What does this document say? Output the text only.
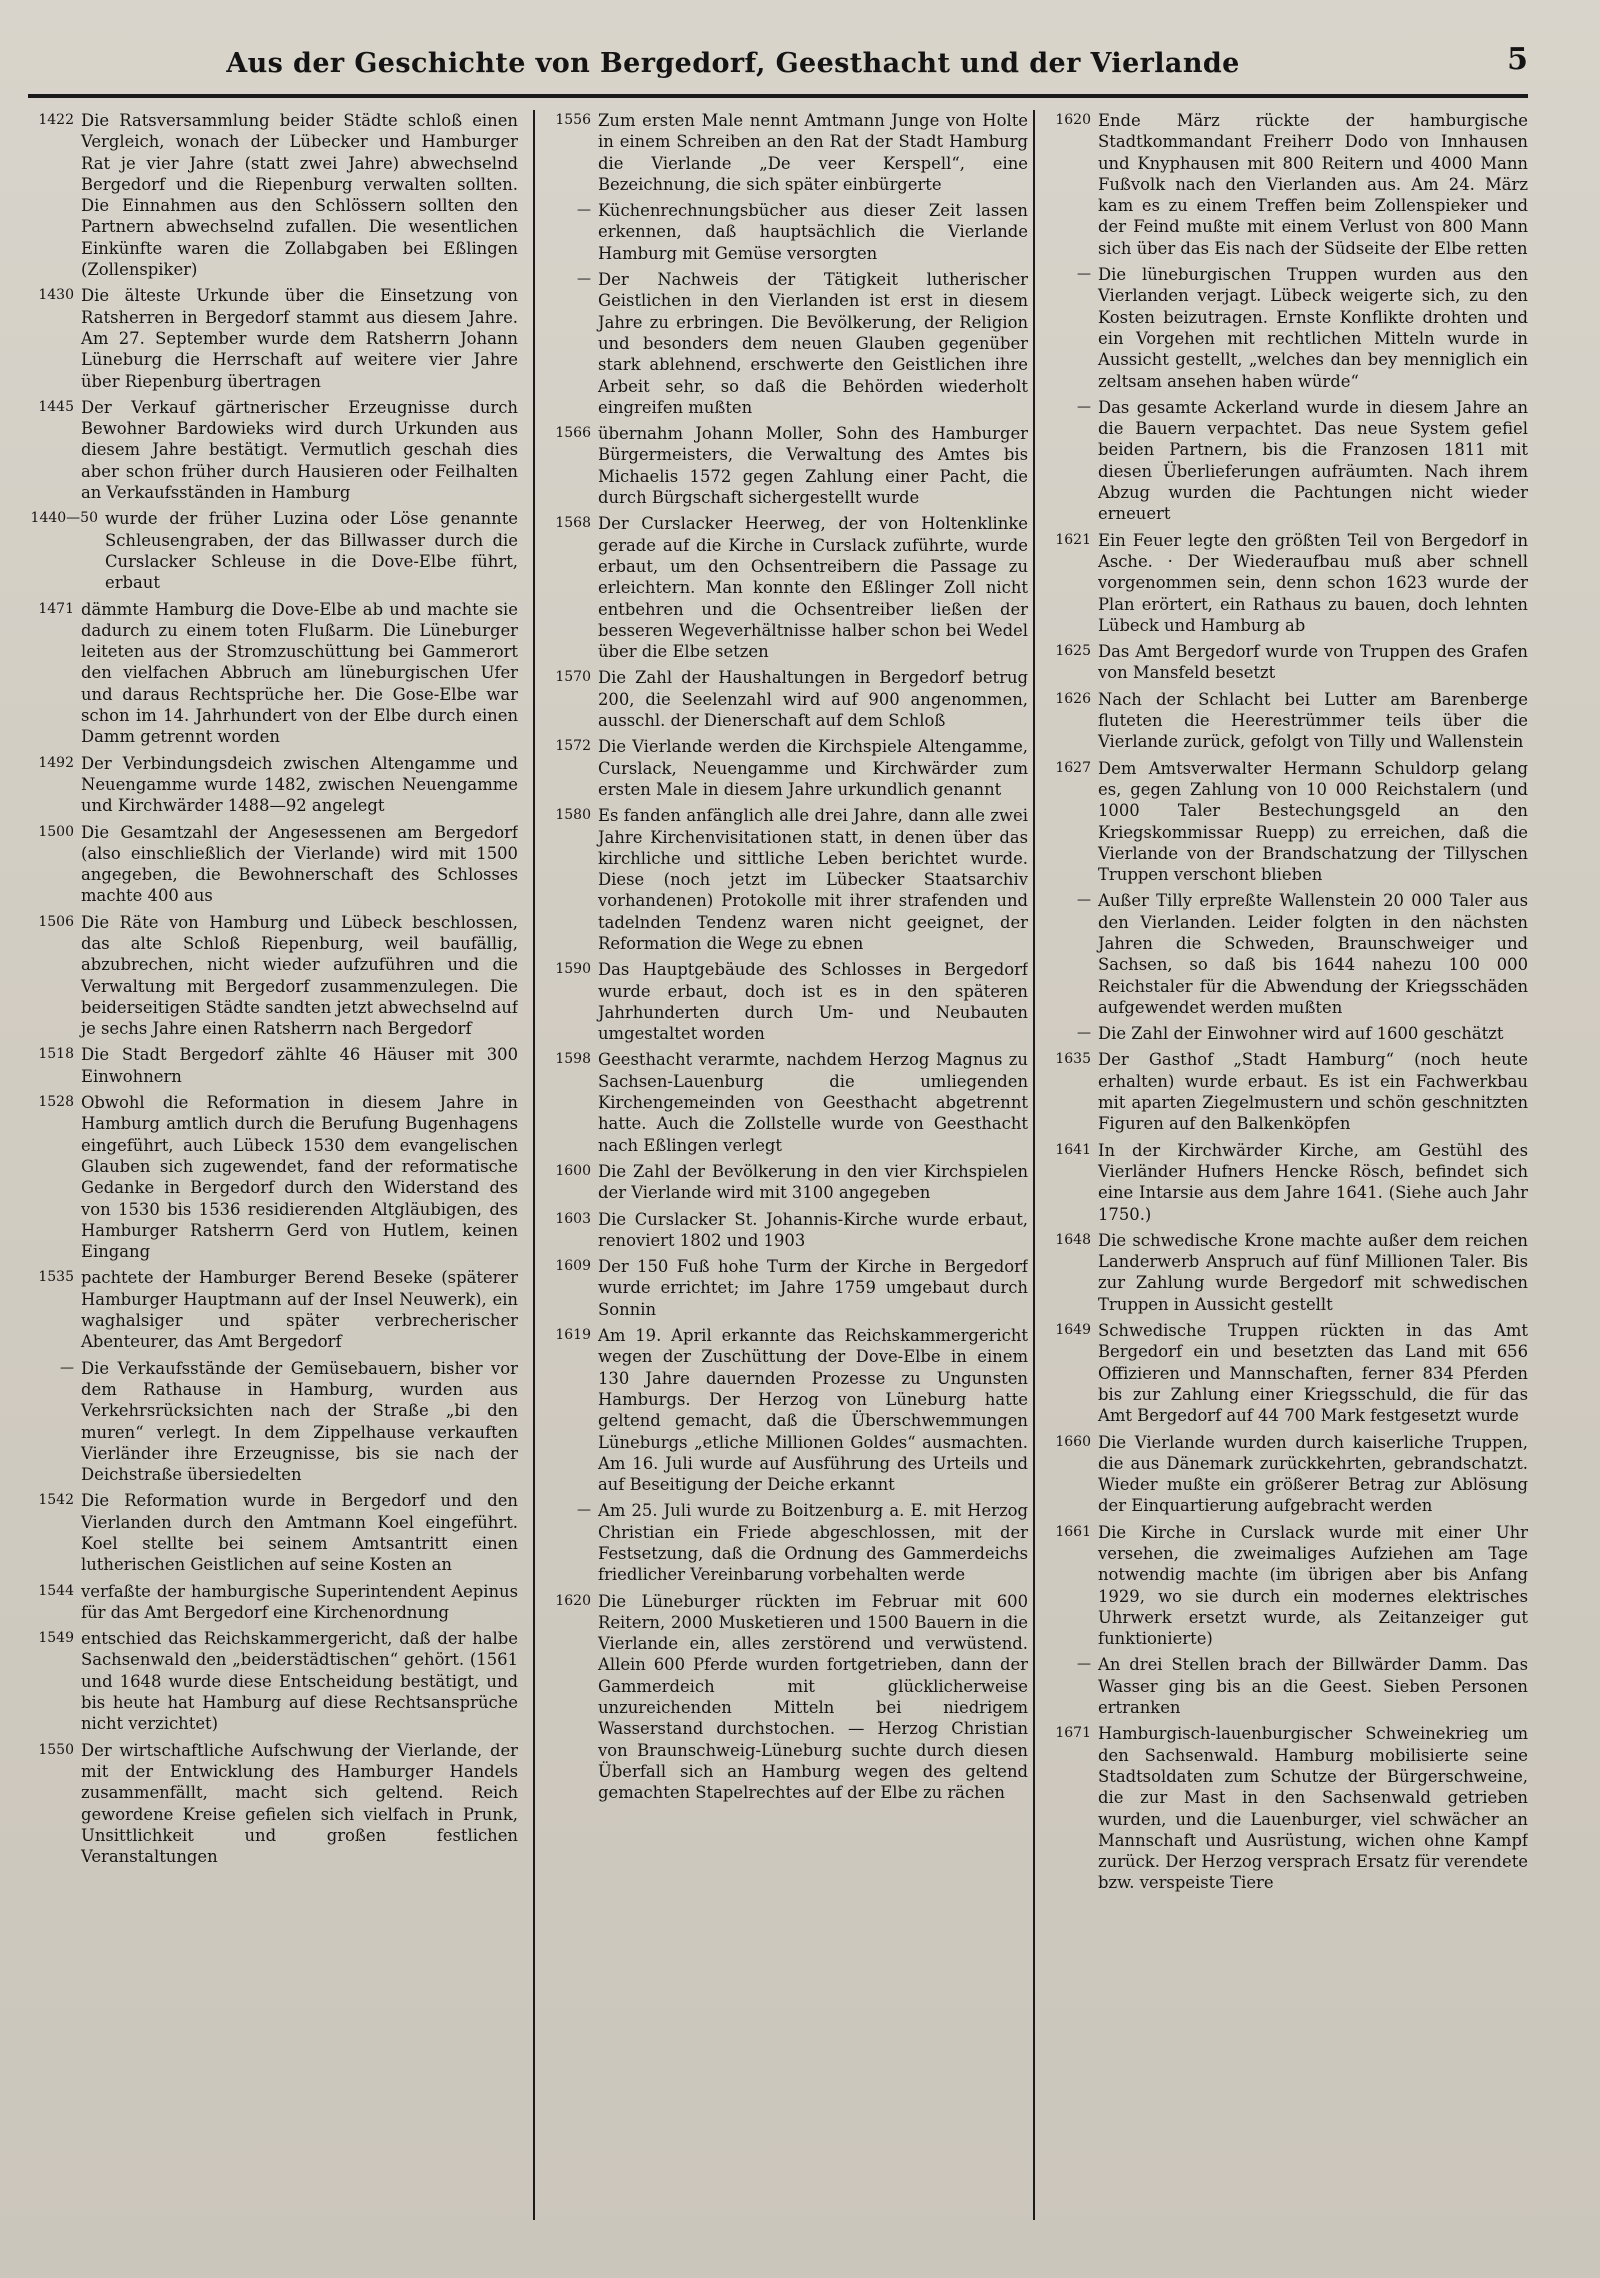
Aus der Geschichte von Bergedorf, Geesthacht und der Vierlande	5
1422 Die Ratsversammlung beider Städte schloß einen Vergleich, wonach der Lübecker und Hamburger Rat je vier Jahre (statt zwei Jahre) abwechselnd Bergedorf und die Riepenburg verwalten sollten. Die Einnahmen aus den Schlössern sollten den Partnern abwechselnd zufallen. Die wesentlichen Einkünfte waren die Zollabgaben bei Eßlingen (Zollenspiker)
1430 Die älteste Urkunde über die Einsetzung von Ratsherren in Bergedorf stammt aus diesem Jahre. Am 27. September wurde dem Ratsherrn Johann Lüneburg die Herrschaft auf weitere vier Jahre über Riepenburg übertragen
1445 Der Verkauf gärtnerischer Erzeugnisse durch Bewohner Bardowieks wird durch Urkunden aus diesem Jahre bestätigt. Vermutlich geschah dies aber schon früher durch Hausieren oder Feilhalten an Verkaufsständen in Hamburg
1440—50 wurde der früher Luzina oder Löse genannte Schleusengraben, der das Billwasser durch die Curslacker Schleuse in die Dove-Elbe führt, erbaut
1471 dämmte Hamburg die Dove-Elbe ab und machte sie dadurch zu einem toten Flußarm. Die Lüneburger leiteten aus der Stromzuschüttung bei Gammerort den vielfachen Abbruch am lüneburgischen Ufer und daraus Rechtsprüche her. Die Gose-Elbe war schon im 14. Jahrhundert von der Elbe durch einen Damm getrennt worden
1492 Der Verbindungsdeich zwischen Altengamme und Neuengamme wurde 1482, zwischen Neuengamme und Kirchwärder 1488—92 angelegt
1500 Die Gesamtzahl der Angesessenen am Bergedorf (also einschließlich der Vierlande) wird mit 1500 angegeben, die Bewohnerschaft des Schlosses machte 400 aus
1506 Die Räte von Hamburg und Lübeck beschlossen, das alte Schloß Riepenburg, weil baufällig, abzubrechen, nicht wieder aufzuführen und die Verwaltung mit Bergedorf zusammenzulegen. Die beiderseitigen Städte sandten jetzt abwechselnd auf je sechs Jahre einen Ratsherrn nach Bergedorf
1518 Die Stadt Bergedorf zählte 46 Häuser mit 300 Einwohnern
1528 Obwohl die Reformation in diesem Jahre in Hamburg amtlich durch die Berufung Bugenhagens eingeführt, auch Lübeck 1530 dem evangelischen Glauben sich zugewendet, fand der reformatische Gedanke in Bergedorf durch den Widerstand des von 1530 bis 1536 residierenden Altgläubigen, des Hamburger Ratsherrn Gerd von Hutlem, keinen Eingang
1535 pachtete der Hamburger Berend Beseke (späterer Hamburger Hauptmann auf der Insel Neuwerk), ein waghalsiger und später verbrecherischer Abenteurer, das Amt Bergedorf
— Die Verkaufsstände der Gemüsebauern, bisher vor dem Rathause in Hamburg, wurden aus Verkehrsrücksichten nach der Straße „bi den muren“ verlegt. In dem Zippelhause verkauften Vierländer ihre Erzeugnisse, bis sie nach der Deichstraße übersiedelten
1542 Die Reformation wurde in Bergedorf und den Vierlanden durch den Amtmann Koel eingeführt. Koel stellte bei seinem Amtsantritt einen lutherischen Geistlichen auf seine Kosten an
1544 verfaßte der hamburgische Superintendent Aepinus für das Amt Bergedorf eine Kirchenordnung
1549 entschied das Reichskammergericht, daß der halbe Sachsenwald den „beiderstädtischen“ gehört. (1561 und 1648 wurde diese Entscheidung bestätigt, und bis heute hat Hamburg auf diese Rechtsansprüche nicht verzichtet)
1550 Der wirtschaftliche Aufschwung der Vierlande, der mit der Entwicklung des Hamburger Handels zusammenfällt, macht sich geltend. Reich gewordene Kreise gefielen sich vielfach in Prunk, Unsittlichkeit und großen festlichen Veranstaltungen
1556 Zum ersten Male nennt Amtmann Junge von Holte in einem Schreiben an den Rat der Stadt Hamburg die Vierlande „De veer Kerspell“, eine Bezeichnung, die sich später einbürgerte
— Küchenrechnungsbücher aus dieser Zeit lassen erkennen, daß hauptsächlich die Vierlande Hamburg mit Gemüse versorgten
— Der Nachweis der Tätigkeit lutherischer Geistlichen in den Vierlanden ist erst in diesem Jahre zu erbringen. Die Bevölkerung, der Religion und besonders dem neuen Glauben gegenüber stark ablehnend, erschwerte den Geistlichen ihre Arbeit sehr, so daß die Behörden wiederholt eingreifen mußten
1566 übernahm Johann Moller, Sohn des Hamburger Bürgermeisters, die Verwaltung des Amtes bis Michaelis 1572 gegen Zahlung einer Pacht, die durch Bürgschaft sichergestellt wurde
1568 Der Curslacker Heerweg, der von Holtenklinke gerade auf die Kirche in Curslack zuführte, wurde erbaut, um den Ochsentreibern die Passage zu erleichtern. Man konnte den Eßlinger Zoll nicht entbehren und die Ochsentreiber ließen der besseren Wegeverhältnisse halber schon bei Wedel über die Elbe setzen
1570 Die Zahl der Haushaltungen in Bergedorf betrug 200, die Seelenzahl wird auf 900 angenommen, ausschl. der Dienerschaft auf dem Schloß
1572 Die Vierlande werden die Kirchspiele Altengamme, Curslack, Neuengamme und Kirchwärder zum ersten Male in diesem Jahre urkundlich genannt
1580 Es fanden anfänglich alle drei Jahre, dann alle zwei Jahre Kirchenvisitationen statt, in denen über das kirchliche und sittliche Leben berichtet wurde. Diese (noch jetzt im Lübecker Staatsarchiv vorhandenen) Protokolle mit ihrer strafenden und tadelnden Tendenz waren nicht geeignet, der Reformation die Wege zu ebnen
1590 Das Hauptgebäude des Schlosses in Bergedorf wurde erbaut, doch ist es in den späteren Jahrhunderten durch Um- und Neubauten umgestaltet worden
1598 Geesthacht verarmte, nachdem Herzog Magnus zu Sachsen-Lauenburg die umliegenden Kirchengemeinden von Geesthacht abgetrennt hatte. Auch die Zollstelle wurde von Geesthacht nach Eßlingen verlegt
1600 Die Zahl der Bevölkerung in den vier Kirchspielen der Vierlande wird mit 3100 angegeben
1603 Die Curslacker St. Johannis-Kirche wurde erbaut, renoviert 1802 und 1903
1609 Der 150 Fuß hohe Turm der Kirche in Bergedorf wurde errichtet; im Jahre 1759 umgebaut durch Sonnin
1619 Am 19. April erkannte das Reichskammergericht wegen der Zuschüttung der Dove-Elbe in einem 130 Jahre dauernden Prozesse zu Ungunsten Hamburgs. Der Herzog von Lüneburg hatte geltend gemacht, daß die Überschwemmungen Lüneburgs „etliche Millionen Goldes“ ausmachten. Am 16. Juli wurde auf Ausführung des Urteils und auf Beseitigung der Deiche erkannt
— Am 25. Juli wurde zu Boitzenburg a. E. mit Herzog Christian ein Friede abgeschlossen, mit der Festsetzung, daß die Ordnung des Gammerdeichs friedlicher Vereinbarung vorbehalten werde
1620 Die Lüneburger rückten im Februar mit 600 Reitern, 2000 Musketieren und 1500 Bauern in die Vierlande ein, alles zerstörend und verwüstend. Allein 600 Pferde wurden fortgetrieben, dann der Gammerdeich mit glücklicherweise unzureichenden Mitteln bei niedrigem Wasserstand durchstochen. — Herzog Christian von Braunschweig-Lüneburg suchte durch diesen Überfall sich an Hamburg wegen des geltend gemachten Stapelrechtes auf der Elbe zu rächen
1620 Ende März rückte der hamburgische Stadtkommandant Freiherr Dodo von Innhausen und Knyphausen mit 800 Reitern und 4000 Mann Fußvolk nach den Vierlanden aus. Am 24. März kam es zu einem Treffen beim Zollenspieker und der Feind mußte mit einem Verlust von 800 Mann sich über das Eis nach der Südseite der Elbe retten
— Die lüneburgischen Truppen wurden aus den Vierlanden verjagt. Lübeck weigerte sich, zu den Kosten beizutragen. Ernste Konflikte drohten und ein Vorgehen mit rechtlichen Mitteln wurde in Aussicht gestellt, „welches dan bey menniglich ein zeltsam ansehen haben würde“
— Das gesamte Ackerland wurde in diesem Jahre an die Bauern verpachtet. Das neue System gefiel beiden Partnern, bis die Franzosen 1811 mit diesen Überlieferungen aufräumten. Nach ihrem Abzug wurden die Pachtungen nicht wieder erneuert
1621 Ein Feuer legte den größten Teil von Bergedorf in Asche. · Der Wiederaufbau muß aber schnell vorgenommen sein, denn schon 1623 wurde der Plan erörtert, ein Rathaus zu bauen, doch lehnten Lübeck und Hamburg ab
1625 Das Amt Bergedorf wurde von Truppen des Grafen von Mansfeld besetzt
1626 Nach der Schlacht bei Lutter am Barenberge fluteten die Heerestrümmer teils über die Vierlande zurück, gefolgt von Tilly und Wallenstein
1627 Dem Amtsverwalter Hermann Schuldorp gelang es, gegen Zahlung von 10 000 Reichstalern (und 1000 Taler Bestechungsgeld an den Kriegskommissar Ruepp) zu erreichen, daß die Vierlande von der Brandschatzung der Tillyschen Truppen verschont blieben
— Außer Tilly erpreßte Wallenstein 20 000 Taler aus den Vierlanden. Leider folgten in den nächsten Jahren die Schweden, Braunschweiger und Sachsen, so daß bis 1644 nahezu 100 000 Reichstaler für die Abwendung der Kriegsschäden aufgewendet werden mußten
— Die Zahl der Einwohner wird auf 1600 geschätzt
1635 Der Gasthof „Stadt Hamburg“ (noch heute erhalten) wurde erbaut. Es ist ein Fachwerkbau mit aparten Ziegelmustern und schön geschnitzten Figuren auf den Balkenköpfen
1641 In der Kirchwärder Kirche, am Gestühl des Vierländer Hufners Hencke Rösch, befindet sich eine Intarsie aus dem Jahre 1641. (Siehe auch Jahr 1750.)
1648 Die schwedische Krone machte außer dem reichen Landerwerb Anspruch auf fünf Millionen Taler. Bis zur Zahlung wurde Bergedorf mit schwedischen Truppen in Aussicht gestellt
1649 Schwedische Truppen rückten in das Amt Bergedorf ein und besetzten das Land mit 656 Offizieren und Mannschaften, ferner 834 Pferden bis zur Zahlung einer Kriegsschuld, die für das Amt Bergedorf auf 44 700 Mark festgesetzt wurde
1660 Die Vierlande wurden durch kaiserliche Truppen, die aus Dänemark zurückkehrten, gebrandschatzt. Wieder mußte ein größerer Betrag zur Ablösung der Einquartierung aufgebracht werden
1661 Die Kirche in Curslack wurde mit einer Uhr versehen, die zweimaliges Aufziehen am Tage notwendig machte (im übrigen aber bis Anfang 1929, wo sie durch ein modernes elektrisches Uhrwerk ersetzt wurde, als Zeitanzeiger gut funktionierte)
— An drei Stellen brach der Billwärder Damm. Das Wasser ging bis an die Geest. Sieben Personen ertranken
1671 Hamburgisch-lauenburgischer Schweinekrieg um den Sachsenwald. Hamburg mobilisierte seine Stadtsoldaten zum Schutze der Bürgerschweine, die zur Mast in den Sachsenwald getrieben wurden, und die Lauenburger, viel schwächer an Mannschaft und Ausrüstung, wichen ohne Kampf zurück. Der Herzog versprach Ersatz für verendete bzw. verspeiste Tiere
